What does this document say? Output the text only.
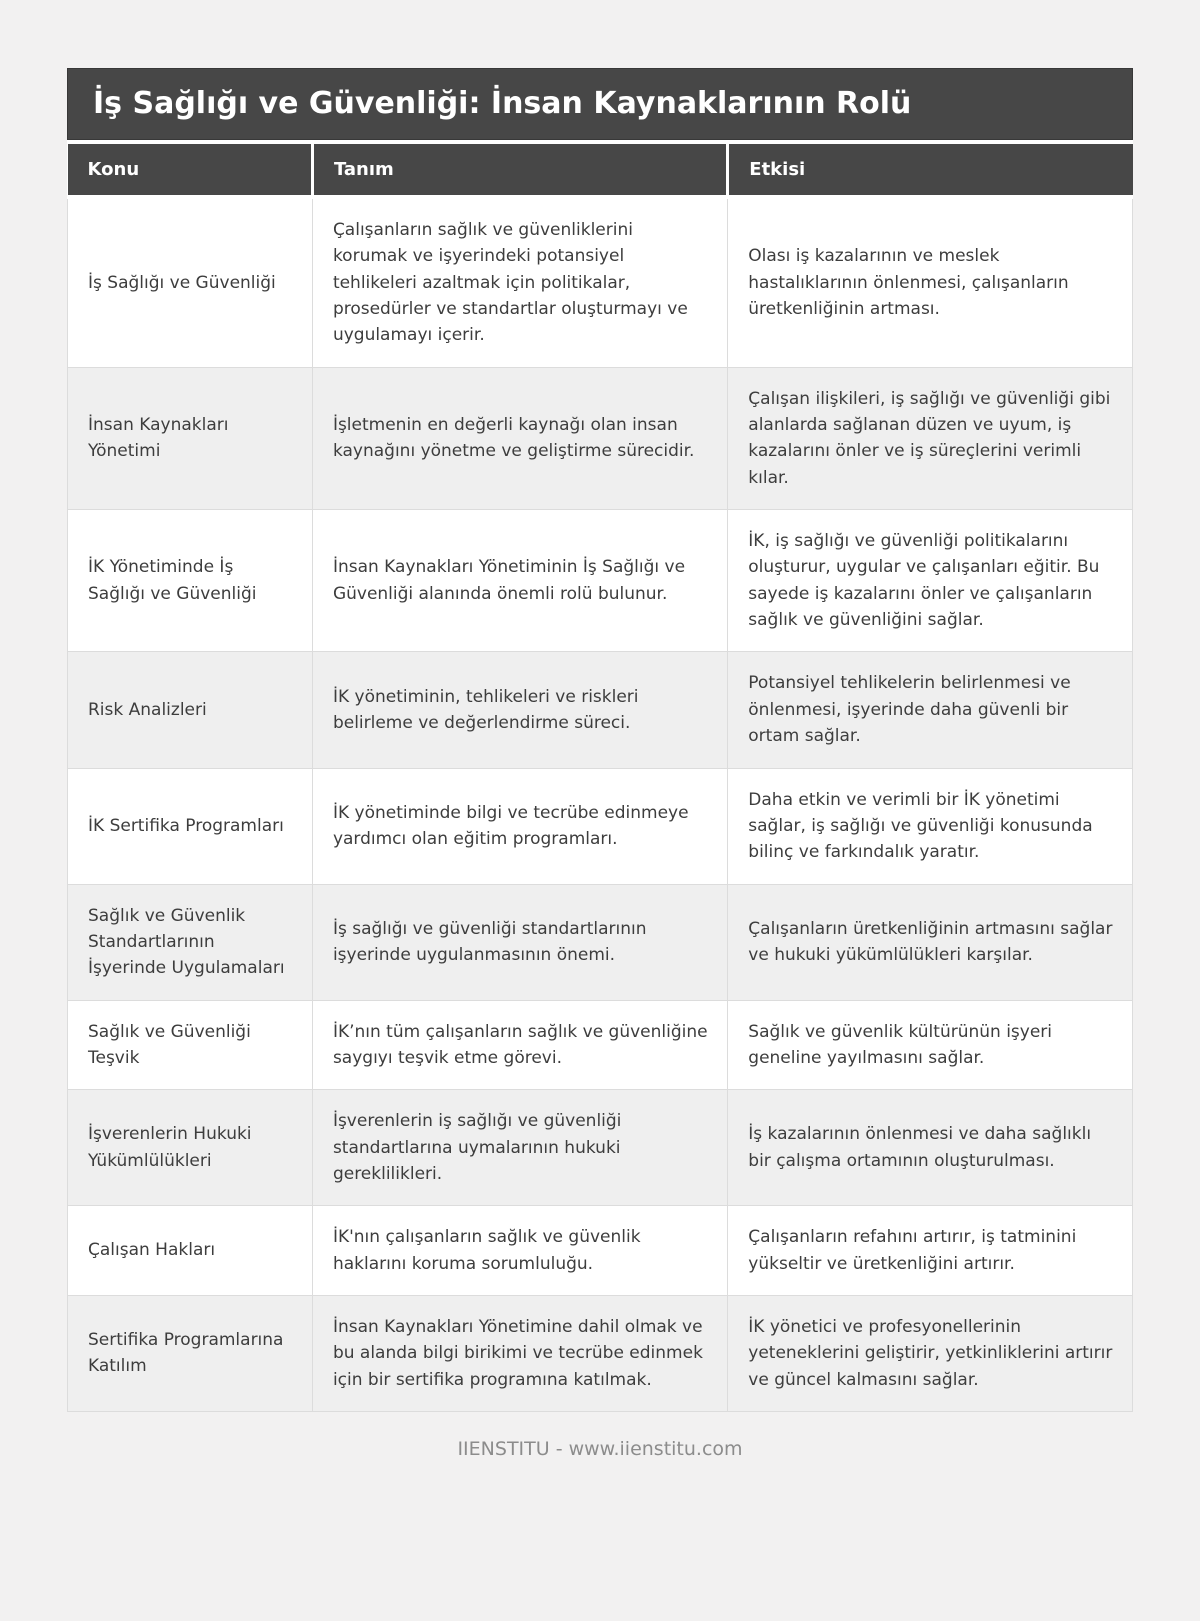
İş Sağlığı ve Güvenliği: İnsan Kaynaklarının Rolü
Konu	Tanım	Etkisi
İş Sağlığı ve Güvenliği	Çalışanların sağlık ve güvenliklerini korumak ve işyerindeki potansiyel tehlikeleri azaltmak için politikalar, prosedürler ve standartlar oluşturmayı ve uygulamayı içerir.	Olası iş kazalarının ve meslek hastalıklarının önlenmesi, çalışanların üretkenliğinin artması.
İnsan Kaynakları Yönetimi	İşletmenin en değerli kaynağı olan insan kaynağını yönetme ve geliştirme sürecidir.	Çalışan ilişkileri, iş sağlığı ve güvenliği gibi alanlarda sağlanan düzen ve uyum, iş kazalarını önler ve iş süreçlerini verimli kılar.
İK Yönetiminde İş Sağlığı ve Güvenliği	İnsan Kaynakları Yönetiminin İş Sağlığı ve Güvenliği alanında önemli rolü bulunur.	İK, iş sağlığı ve güvenliği politikalarını oluşturur, uygular ve çalışanları eğitir. Bu sayede iş kazalarını önler ve çalışanların sağlık ve güvenliğini sağlar.
Risk Analizleri	İK yönetiminin, tehlikeleri ve riskleri belirleme ve değerlendirme süreci.	Potansiyel tehlikelerin belirlenmesi ve önlenmesi, işyerinde daha güvenli bir ortam sağlar.
İK Sertifika Programları	İK yönetiminde bilgi ve tecrübe edinmeye yardımcı olan eğitim programları.	Daha etkin ve verimli bir İK yönetimi sağlar, iş sağlığı ve güvenliği konusunda bilinç ve farkındalık yaratır.
Sağlık ve Güvenlik Standartlarının İşyerinde Uygulamaları	İş sağlığı ve güvenliği standartlarının işyerinde uygulanmasının önemi.	Çalışanların üretkenliğinin artmasını sağlar ve hukuki yükümlülükleri karşılar.
Sağlık ve Güvenliği Teşvik	İK’nın tüm çalışanların sağlık ve güvenliğine saygıyı teşvik etme görevi.	Sağlık ve güvenlik kültürünün işyeri geneline yayılmasını sağlar.
İşverenlerin Hukuki Yükümlülükleri	İşverenlerin iş sağlığı ve güvenliği standartlarına uymalarının hukuki gereklilikleri.	İş kazalarının önlenmesi ve daha sağlıklı bir çalışma ortamının oluşturulması.
Çalışan Hakları	İK'nın çalışanların sağlık ve güvenlik haklarını koruma sorumluluğu.	Çalışanların refahını artırır, iş tatminini yükseltir ve üretkenliğini artırır.
Sertifika Programlarına Katılım	İnsan Kaynakları Yönetimine dahil olmak ve bu alanda bilgi birikimi ve tecrübe edinmek için bir sertifika programına katılmak.	İK yönetici ve profesyonellerinin yeteneklerini geliştirir, yetkinliklerini artırır ve güncel kalmasını sağlar.
IIENSTITU - www.iienstitu.com
